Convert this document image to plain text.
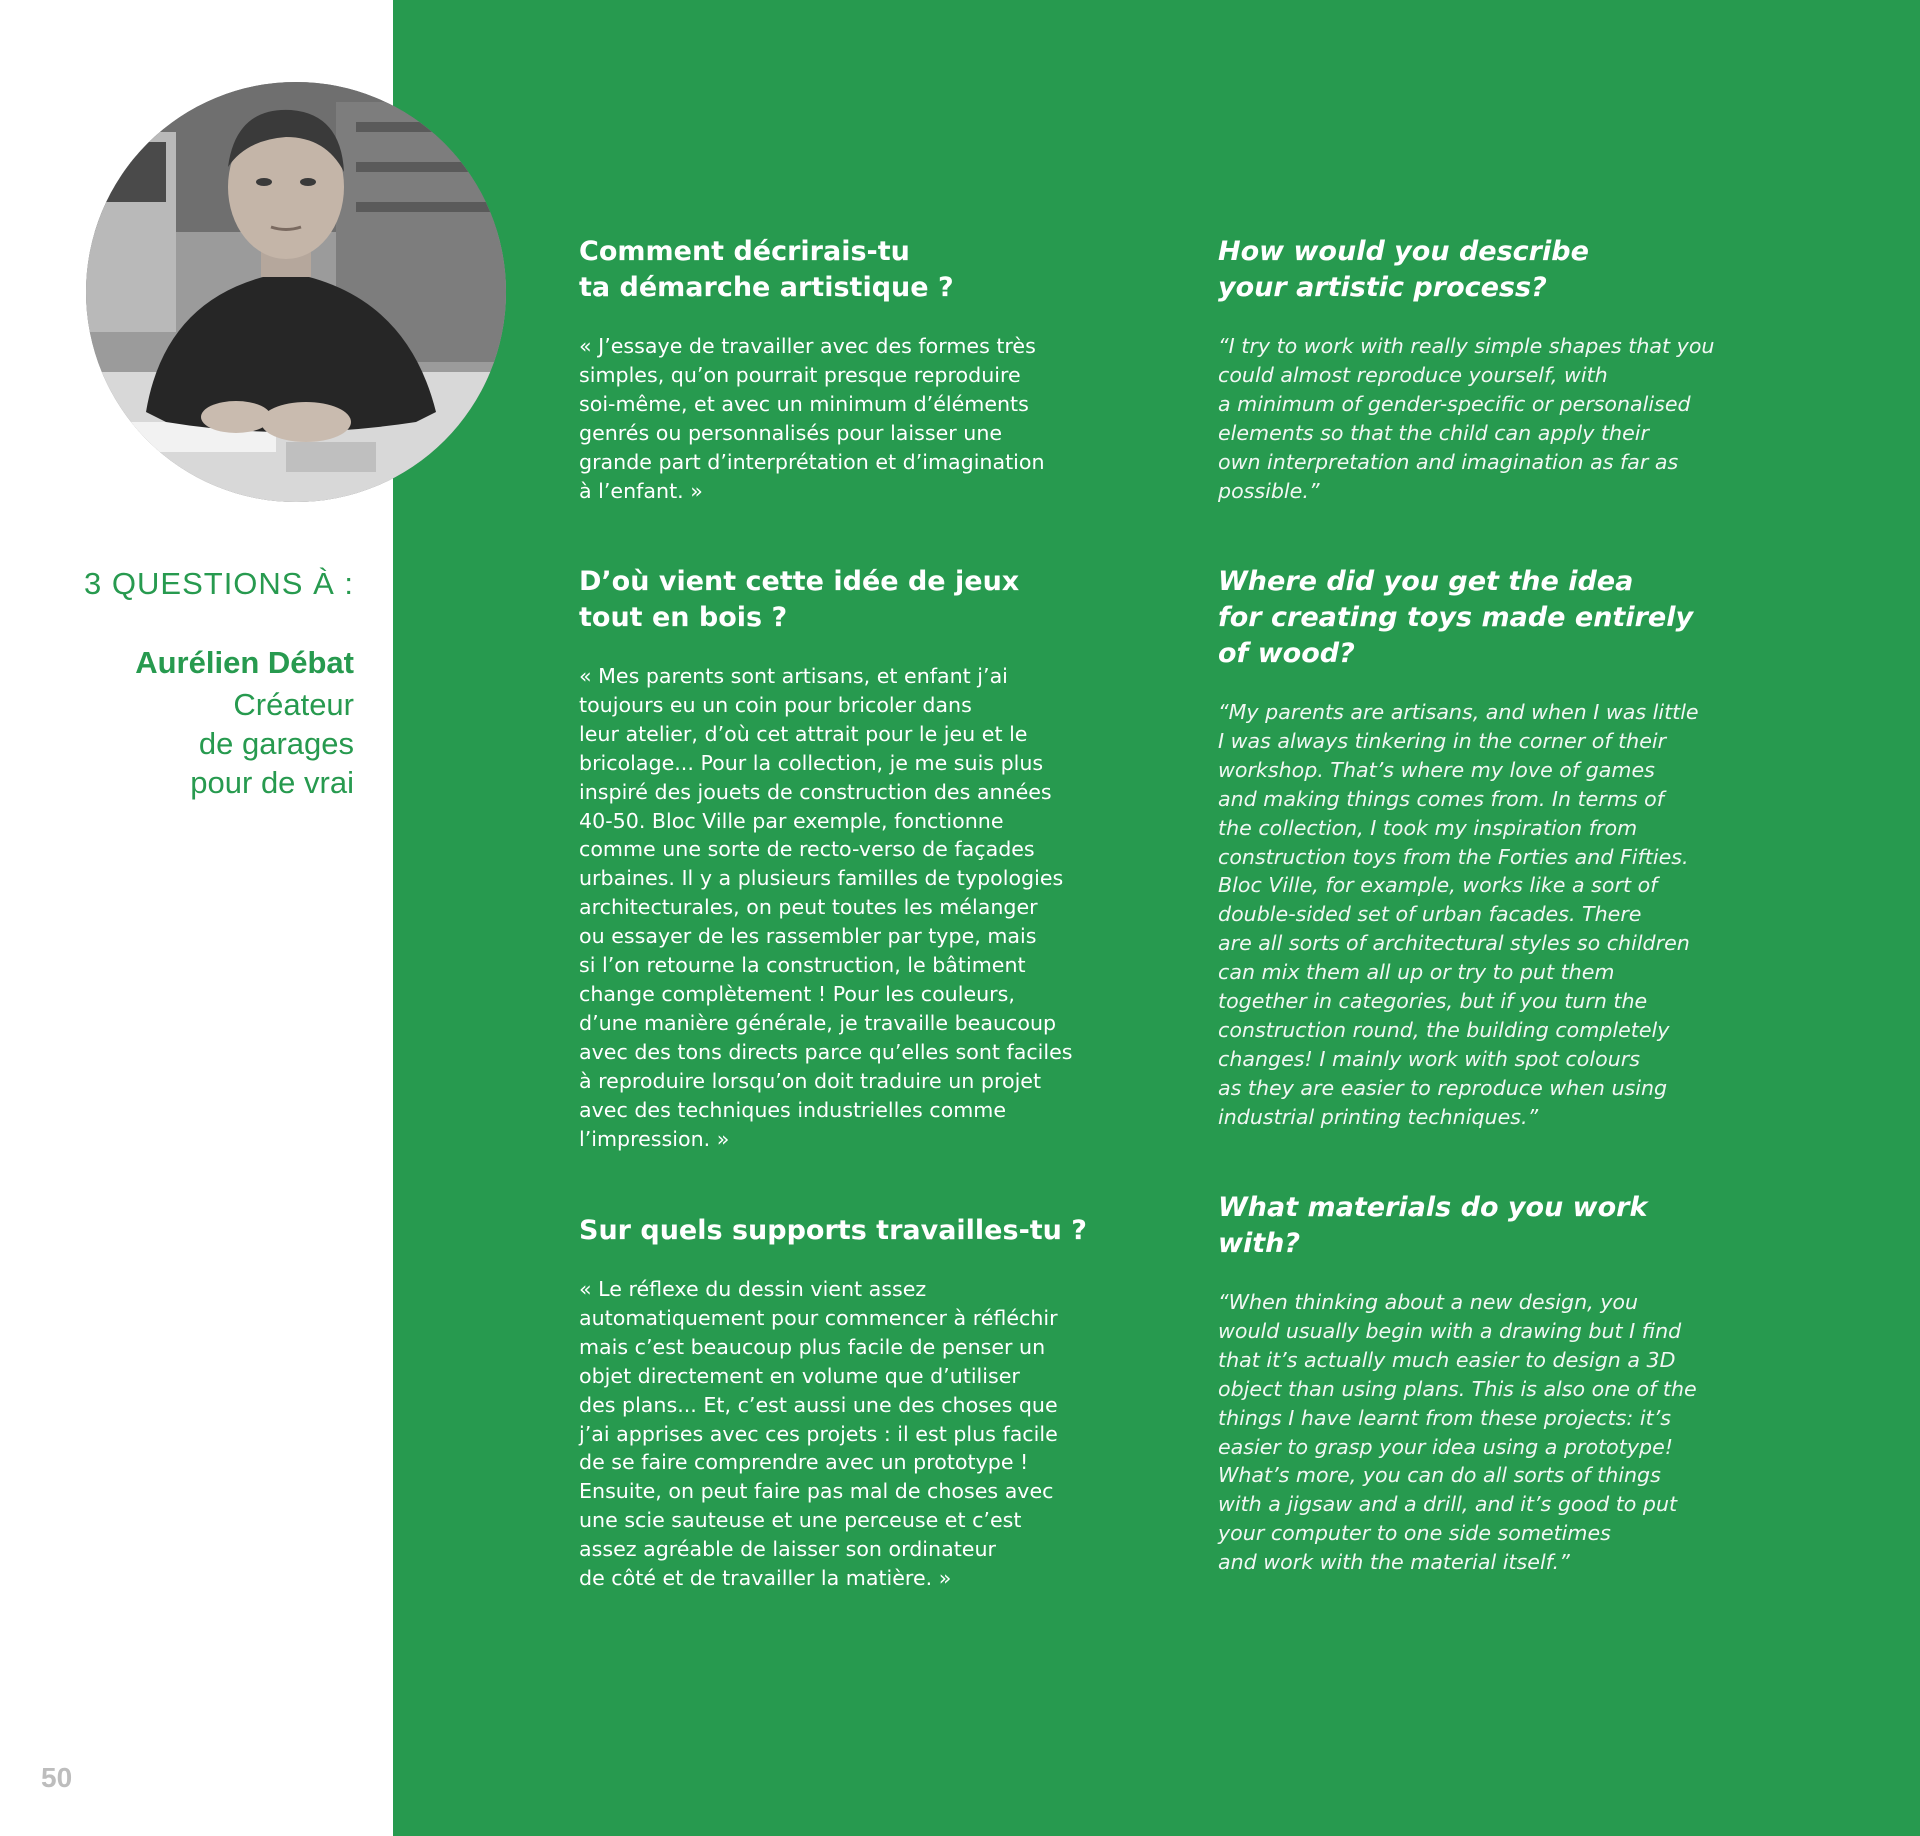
3 QUESTIONS À :
Aurélien Débat
Créateur
de garages
pour de vrai
50

Comment décrirais-tu
ta démarche artistique ?

« J’essaye de travailler avec des formes très
simples, qu’on pourrait presque reproduire
soi-même, et avec un minimum d’éléments
genrés ou personnalisés pour laisser une
grande part d’interprétation et d’imagination
à l’enfant. »

D’où vient cette idée de jeux
tout en bois ?

« Mes parents sont artisans, et enfant j’ai
toujours eu un coin pour bricoler dans
leur atelier, d’où cet attrait pour le jeu et le
bricolage... Pour la collection, je me suis plus
inspiré des jouets de construction des années
40-50. Bloc Ville par exemple, fonctionne
comme une sorte de recto-verso de façades
urbaines. Il y a plusieurs familles de typologies
architecturales, on peut toutes les mélanger
ou essayer de les rassembler par type, mais
si l’on retourne la construction, le bâtiment
change complètement ! Pour les couleurs,
d’une manière générale, je travaille beaucoup
avec des tons directs parce qu’elles sont faciles
à reproduire lorsqu’on doit traduire un projet
avec des techniques industrielles comme
l’impression. »

Sur quels supports travailles-tu ?

« Le réflexe du dessin vient assez
automatiquement pour commencer à réfléchir
mais c’est beaucoup plus facile de penser un
objet directement en volume que d’utiliser
des plans... Et, c’est aussi une des choses que
j’ai apprises avec ces projets : il est plus facile
de se faire comprendre avec un prototype !
Ensuite, on peut faire pas mal de choses avec
une scie sauteuse et une perceuse et c’est
assez agréable de laisser son ordinateur
de côté et de travailler la matière. »

How would you describe
your artistic process?

“I try to work with really simple shapes that you
could almost reproduce yourself, with
a minimum of gender-specific or personalised
elements so that the child can apply their
own interpretation and imagination as far as
possible.”

Where did you get the idea
for creating toys made entirely
of wood?

“My parents are artisans, and when I was little
I was always tinkering in the corner of their
workshop. That’s where my love of games
and making things comes from. In terms of
the collection, I took my inspiration from
construction toys from the Forties and Fifties.
Bloc Ville, for example, works like a sort of
double-sided set of urban facades. There
are all sorts of architectural styles so children
can mix them all up or try to put them
together in categories, but if you turn the
construction round, the building completely
changes! I mainly work with spot colours
as they are easier to reproduce when using
industrial printing techniques.”

What materials do you work with?

“When thinking about a new design, you
would usually begin with a drawing but I find
that it’s actually much easier to design a 3D
object than using plans. This is also one of the
things I have learnt from these projects: it’s
easier to grasp your idea using a prototype!
What’s more, you can do all sorts of things
with a jigsaw and a drill, and it’s good to put
your computer to one side sometimes
and work with the material itself.”
